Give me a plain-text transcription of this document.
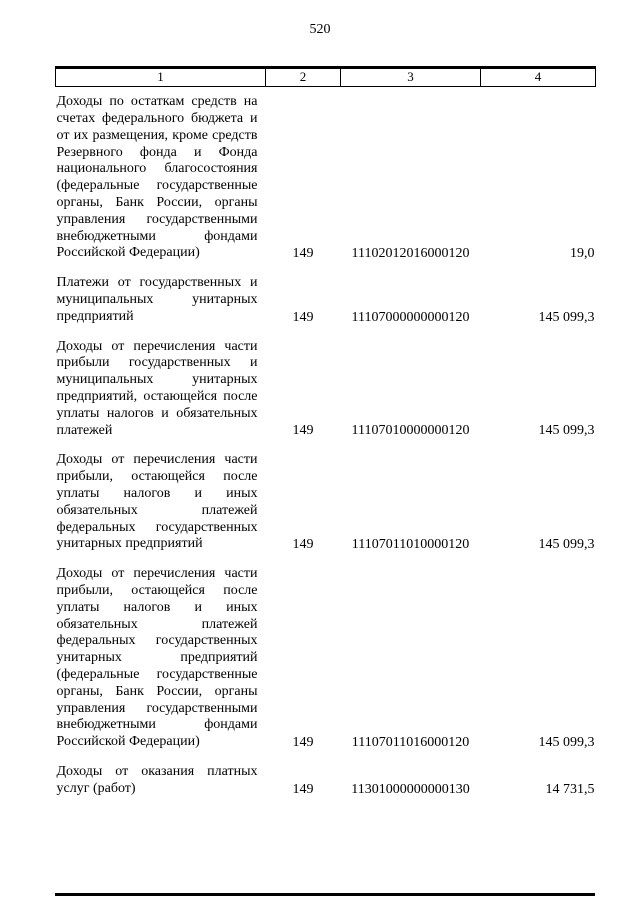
520
1	2	3	4
Доходы по остаткам средств на счетах федерального бюджета и от их размещения, кроме средств Резервного фонда и Фонда национального благосостояния (федеральные государственные органы, Банк России, органы управления государственными внебюджетными фондами Российской Федерации)	149	11102012016000120	19,0
Платежи от государственных и муниципальных унитарных предприятий	149	11107000000000120	145 099,3
Доходы от перечисления части прибыли государственных и муниципальных унитарных предприятий, остающейся после уплаты налогов и обязательных платежей	149	11107010000000120	145 099,3
Доходы от перечисления части прибыли, остающейся после уплаты налогов и иных обязательных платежей федеральных государственных унитарных предприятий	149	11107011010000120	145 099,3
Доходы от перечисления части прибыли, остающейся после уплаты налогов и иных обязательных платежей федеральных государственных унитарных предприятий (федеральные государственные органы, Банк России, органы управления государственными внебюджетными фондами Российской Федерации)	149	11107011016000120	145 099,3
Доходы от оказания платных услуг (работ)	149	11301000000000130	14 731,5
